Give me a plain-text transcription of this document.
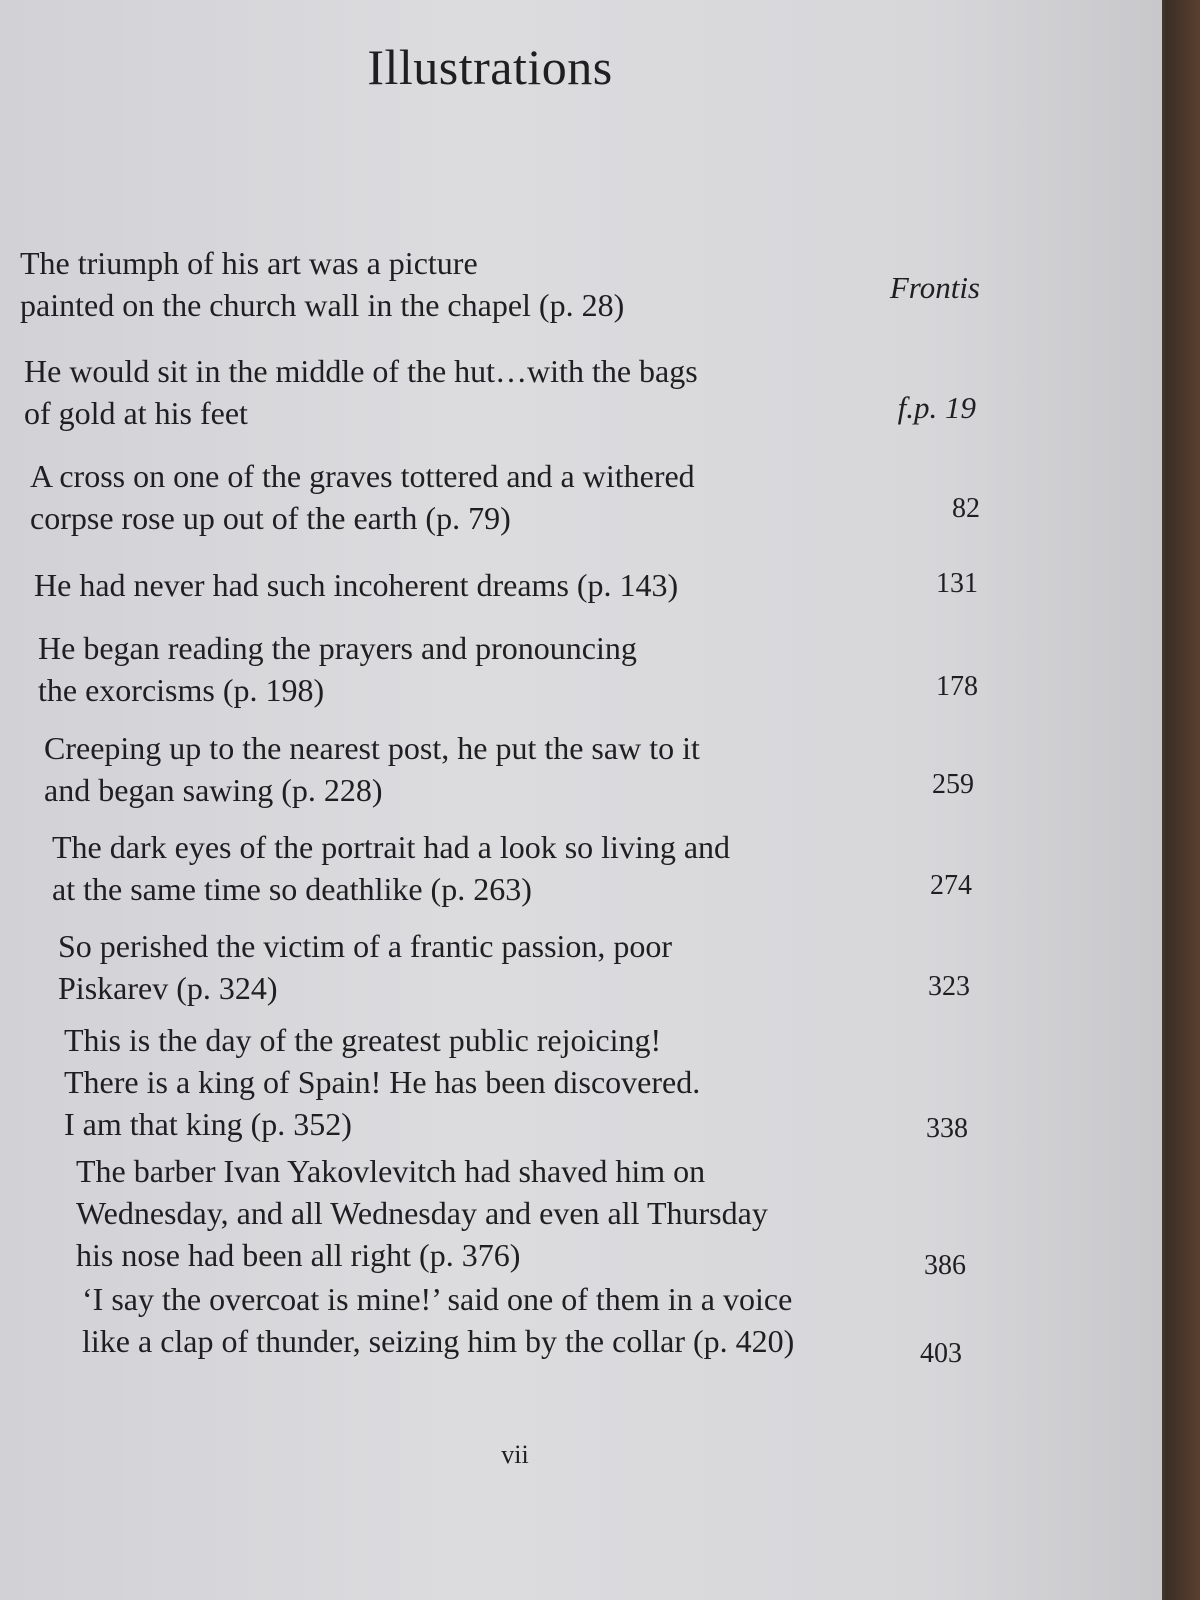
Illustrations
The triumph of his art was a picture
painted on the church wall in the chapel (p. 28)	Frontis
He would sit in the middle of the hut…with the bags
of gold at his feet	f.p. 19
A cross on one of the graves tottered and a withered
corpse rose up out of the earth (p. 79)	82
He had never had such incoherent dreams (p. 143)	131
He began reading the prayers and pronouncing
the exorcisms (p. 198)	178
Creeping up to the nearest post, he put the saw to it
and began sawing (p. 228)	259
The dark eyes of the portrait had a look so living and
at the same time so deathlike (p. 263)	274
So perished the victim of a frantic passion, poor
Piskarev (p. 324)	323
This is the day of the greatest public rejoicing!
There is a king of Spain! He has been discovered.
I am that king (p. 352)	338
The barber Ivan Yakovlevitch had shaved him on
Wednesday, and all Wednesday and even all Thursday
his nose had been all right (p. 376)	386
‘I say the overcoat is mine!’ said one of them in a voice
like a clap of thunder, seizing him by the collar (p. 420)	403
vii
